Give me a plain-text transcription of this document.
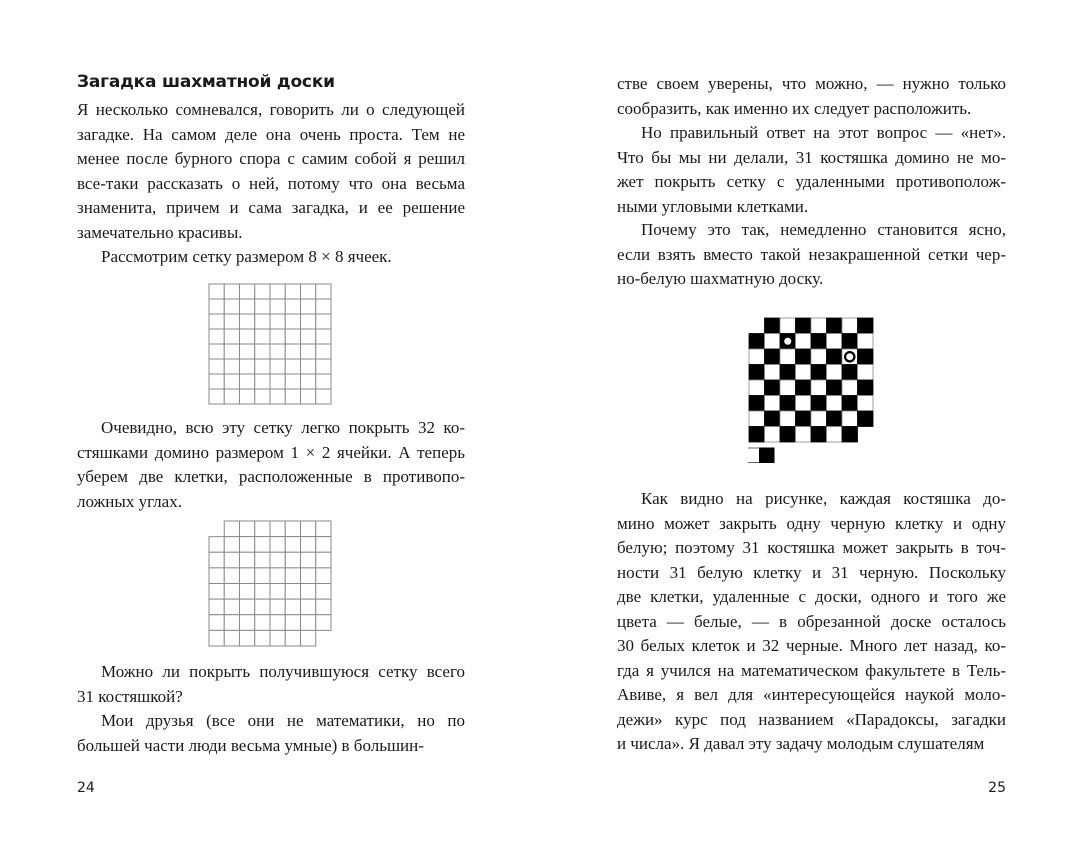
Загадка шахматной доски

Я несколько сомневался, говорить ли о следующей

загадке. На самом деле она очень проста. Тем не

менее после бурного спора с самим собой я решил

все-таки рассказать о ней, потому что она весьма

знаменита, причем и сама загадка, и ее решение

замечательно красивы.

Рассмотрим сетку размером 8 × 8 ячеек.

Очевидно, всю эту сетку легко покрыть 32 ко-

стяшками домино размером 1 × 2 ячейки. А теперь

уберем две клетки, расположенные в противопо-

ложных углах.

Можно ли покрыть получившуюся сетку всего

31 костяшкой?

Мои друзья (все они не математики, но по

большей части люди весьма умные) в большин-

24

стве своем уверены, что можно, — нужно только

сообразить, как именно их следует расположить.

Но правильный ответ на этот вопрос — «нет».

Что бы мы ни делали, 31 костяшка домино не мо-

жет покрыть сетку с удаленными противополож-

ными угловыми клетками.

Почему это так, немедленно становится ясно,

если взять вместо такой незакрашенной сетки чер-

но-белую шахматную доску.

Как видно на рисунке, каждая костяшка до-

мино может закрыть одну черную клетку и одну

белую; поэтому 31 костяшка может закрыть в точ-

ности 31 белую клетку и 31 черную. Поскольку

две клетки, удаленные с доски, одного и того же

цвета — белые, — в обрезанной доске осталось

30 белых клеток и 32 черные. Много лет назад, ко-

гда я учился на математическом факультете в Тель-

Авиве, я вел для «интересующейся наукой моло-

дежи» курс под названием «Парадоксы, загадки

и числа». Я давал эту задачу молодым слушателям

25
